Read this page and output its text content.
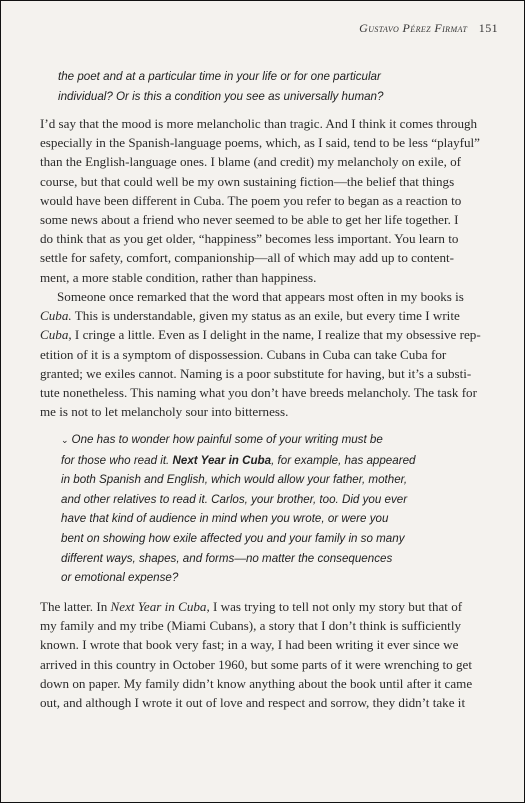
Gustavo Pérez Firmat 151
the poet and at a particular time in your life or for one particular
individual? Or is this a condition you see as universally human?
I’d say that the mood is more melancholic than tragic. And I think it comes through
especially in the Spanish-language poems, which, as I said, tend to be less “playful”
than the English-language ones. I blame (and credit) my melancholy on exile, of
course, but that could well be my own sustaining fiction—the belief that things
would have been different in Cuba. The poem you refer to began as a reaction to
some news about a friend who never seemed to be able to get her life together. I
do think that as you get older, “happiness” becomes less important. You learn to
settle for safety, comfort, companionship—all of which may add up to content-
ment, a more stable condition, rather than happiness.
Someone once remarked that the word that appears most often in my books is
Cuba. This is understandable, given my status as an exile, but every time I write
Cuba, I cringe a little. Even as I delight in the name, I realize that my obsessive rep-
etition of it is a symptom of dispossession. Cubans in Cuba can take Cuba for
granted; we exiles cannot. Naming is a poor substitute for having, but it’s a substi-
tute nonetheless. This naming what you don’t have breeds melancholy. The task for
me is not to let melancholy sour into bitterness.
⌄ One has to wonder how painful some of your writing must be
for those who read it. Next Year in Cuba, for example, has appeared
in both Spanish and English, which would allow your father, mother,
and other relatives to read it. Carlos, your brother, too. Did you ever
have that kind of audience in mind when you wrote, or were you
bent on showing how exile affected you and your family in so many
different ways, shapes, and forms—no matter the consequences
or emotional expense?
The latter. In Next Year in Cuba, I was trying to tell not only my story but that of
my family and my tribe (Miami Cubans), a story that I don’t think is sufficiently
known. I wrote that book very fast; in a way, I had been writing it ever since we
arrived in this country in October 1960, but some parts of it were wrenching to get
down on paper. My family didn’t know anything about the book until after it came
out, and although I wrote it out of love and respect and sorrow, they didn’t take it
